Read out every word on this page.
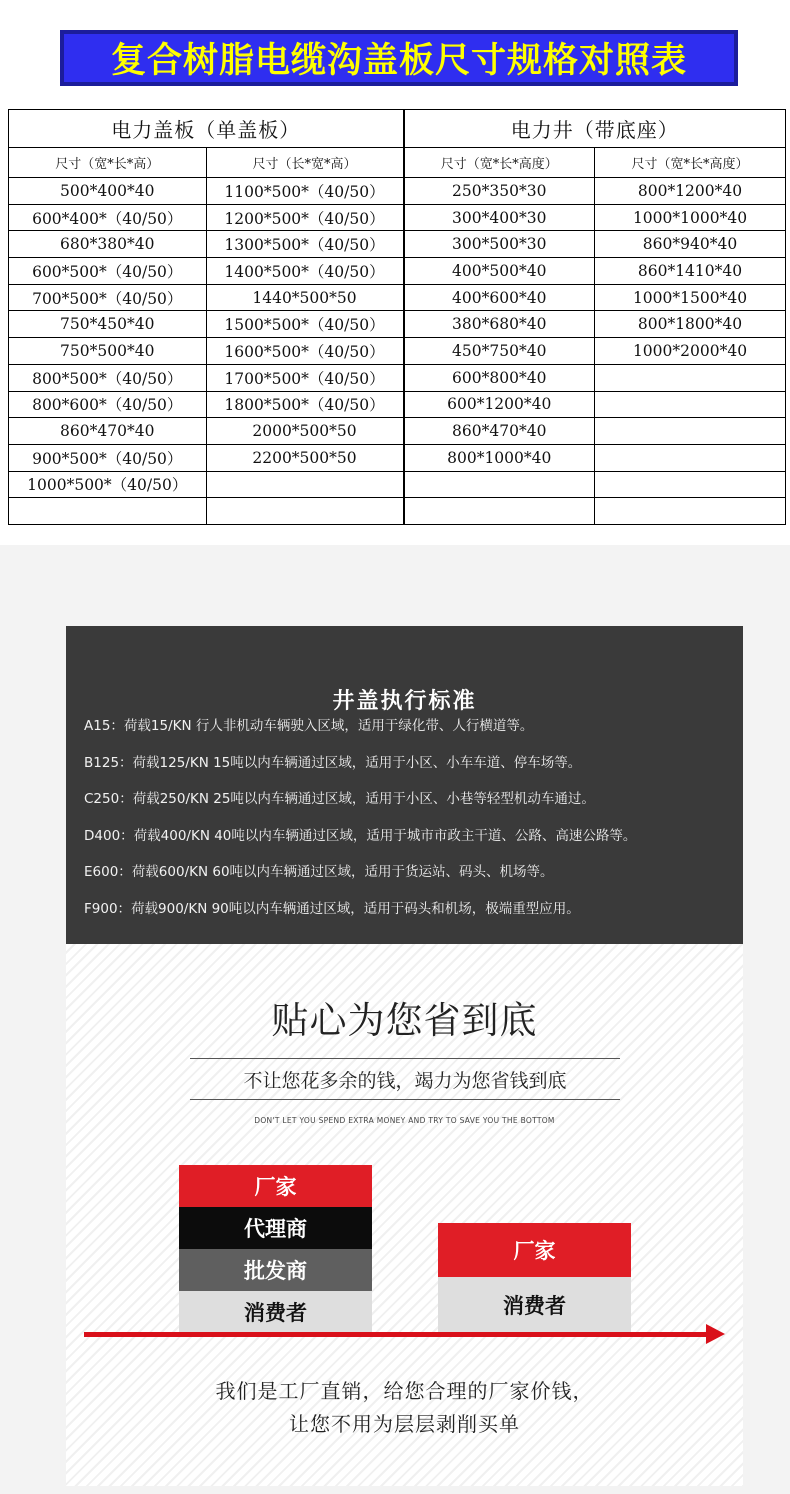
复合树脂电缆沟盖板尺寸规格对照表
电力盖板（单盖板）		电力井（带底座）	
尺寸（宽*长*高）	尺寸（长*宽*高）	尺寸（宽*长*高度）	尺寸（宽*长*高度）
500*400*40	1100*500*（40/50）	250*350*30	800*1200*40
600*400*（40/50）	1200*500*（40/50）	300*400*30	1000*1000*40
680*380*40	1300*500*（40/50）	300*500*30	860*940*40
600*500*（40/50）	1400*500*（40/50）	400*500*40	860*1410*40
700*500*（40/50）	1440*500*50	400*600*40	1000*1500*40
750*450*40	1500*500*（40/50）	380*680*40	800*1800*40
750*500*40	1600*500*（40/50）	450*750*40	1000*2000*40
800*500*（40/50）	1700*500*（40/50）	600*800*40	
800*600*（40/50）	1800*500*（40/50）	600*1200*40	
860*470*40	2000*500*50	860*470*40	
900*500*（40/50）	2200*500*50	800*1000*40	
1000*500*（40/50）			

井盖执行标准
A15：荷载15/KN 行人非机动车辆驶入区域，适用于绿化带、人行横道等。
B125：荷载125/KN 15吨以内车辆通过区域，适用于小区、小车车道、停车场等。
C250：荷载250/KN 25吨以内车辆通过区域，适用于小区、小巷等轻型机动车通过。
D400：荷载400/KN 40吨以内车辆通过区域，适用于城市市政主干道、公路、高速公路等。
E600：荷载600/KN 60吨以内车辆通过区域，适用于货运站、码头、机场等。
F900：荷载900/KN 90吨以内车辆通过区域，适用于码头和机场，极端重型应用。
贴心为您省到底
不让您花多余的钱，竭力为您省钱到底
DON'T LET YOU SPEND EXTRA MONEY AND TRY TO SAVE YOU THE BOTTOM
厂家
代理商
批发商
消费者
厂家
消费者
我们是工厂直销，给您合理的厂家价钱，
让您不用为层层剥削买单
